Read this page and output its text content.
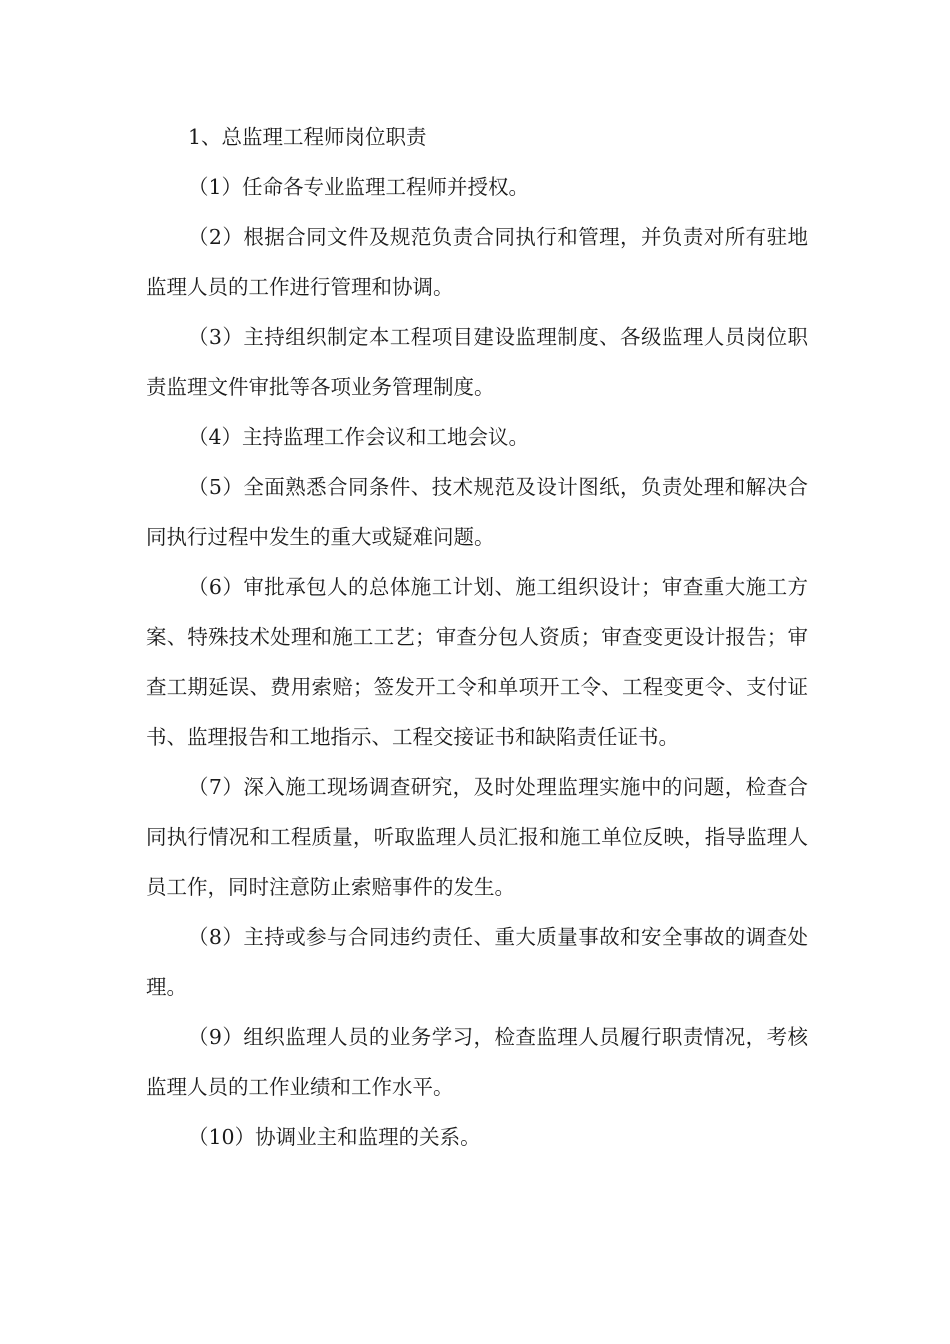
1、总监理工程师岗位职责

（1）任命各专业监理工程师并授权。

（2）根据合同文件及规范负责合同执行和管理，并负责对所有驻地监理人员的工作进行管理和协调。

（3）主持组织制定本工程项目建设监理制度、各级监理人员岗位职责监理文件审批等各项业务管理制度。

（4）主持监理工作会议和工地会议。

（5）全面熟悉合同条件、技术规范及设计图纸，负责处理和解决合同执行过程中发生的重大或疑难问题。

（6）审批承包人的总体施工计划、施工组织设计；审查重大施工方案、特殊技术处理和施工工艺；审查分包人资质；审查变更设计报告；审查工期延误、费用索赔；签发开工令和单项开工令、工程变更令、支付证书、监理报告和工地指示、工程交接证书和缺陷责任证书。

（7）深入施工现场调查研究，及时处理监理实施中的问题，检查合同执行情况和工程质量，听取监理人员汇报和施工单位反映，指导监理人员工作，同时注意防止索赔事件的发生。

（8）主持或参与合同违约责任、重大质量事故和安全事故的调查处理。

（9）组织监理人员的业务学习，检查监理人员履行职责情况，考核监理人员的工作业绩和工作水平。

（10）协调业主和监理的关系。
